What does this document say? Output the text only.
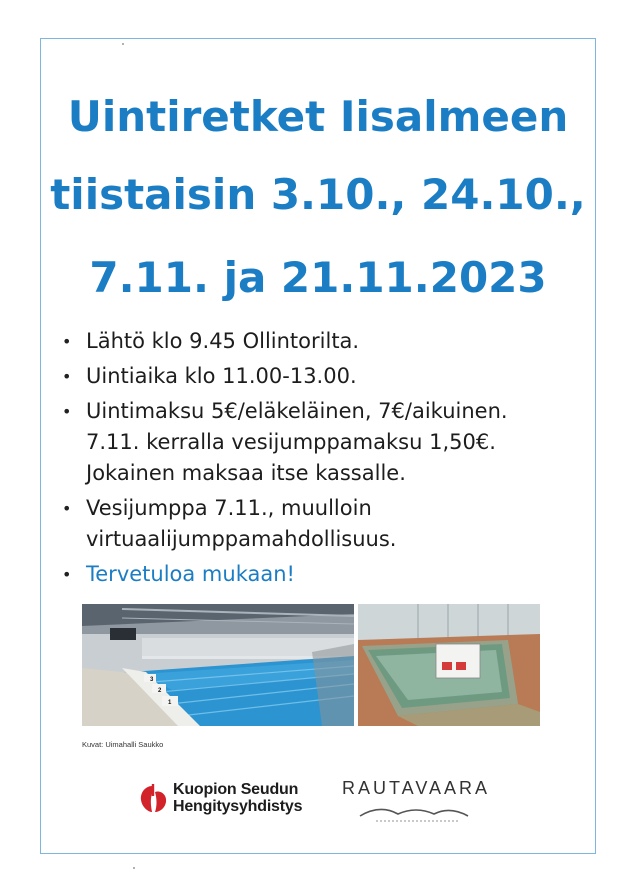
Uintiretket Iisalmeen
tiistaisin 3.10., 24.10.,
7.11. ja 21.11.2023
• Lähtö klo 9.45 Ollintorilta.
• Uintiaika klo 11.00-13.00.
• Uintimaksu 5€/eläkeläinen, 7€/aikuinen.
7.11. kerralla vesijumppamaksu 1,50€.
Jokainen maksaa itse kassalle.
• Vesijumppa 7.11., muulloin
virtuaalijumppamahdollisuus.
• Tervetuloa mukaan!
3
2
1
Kuvat: Uimahalli Saukko
Kuopion Seudun
Hengitysyhdistys
RAUTAVAARA
